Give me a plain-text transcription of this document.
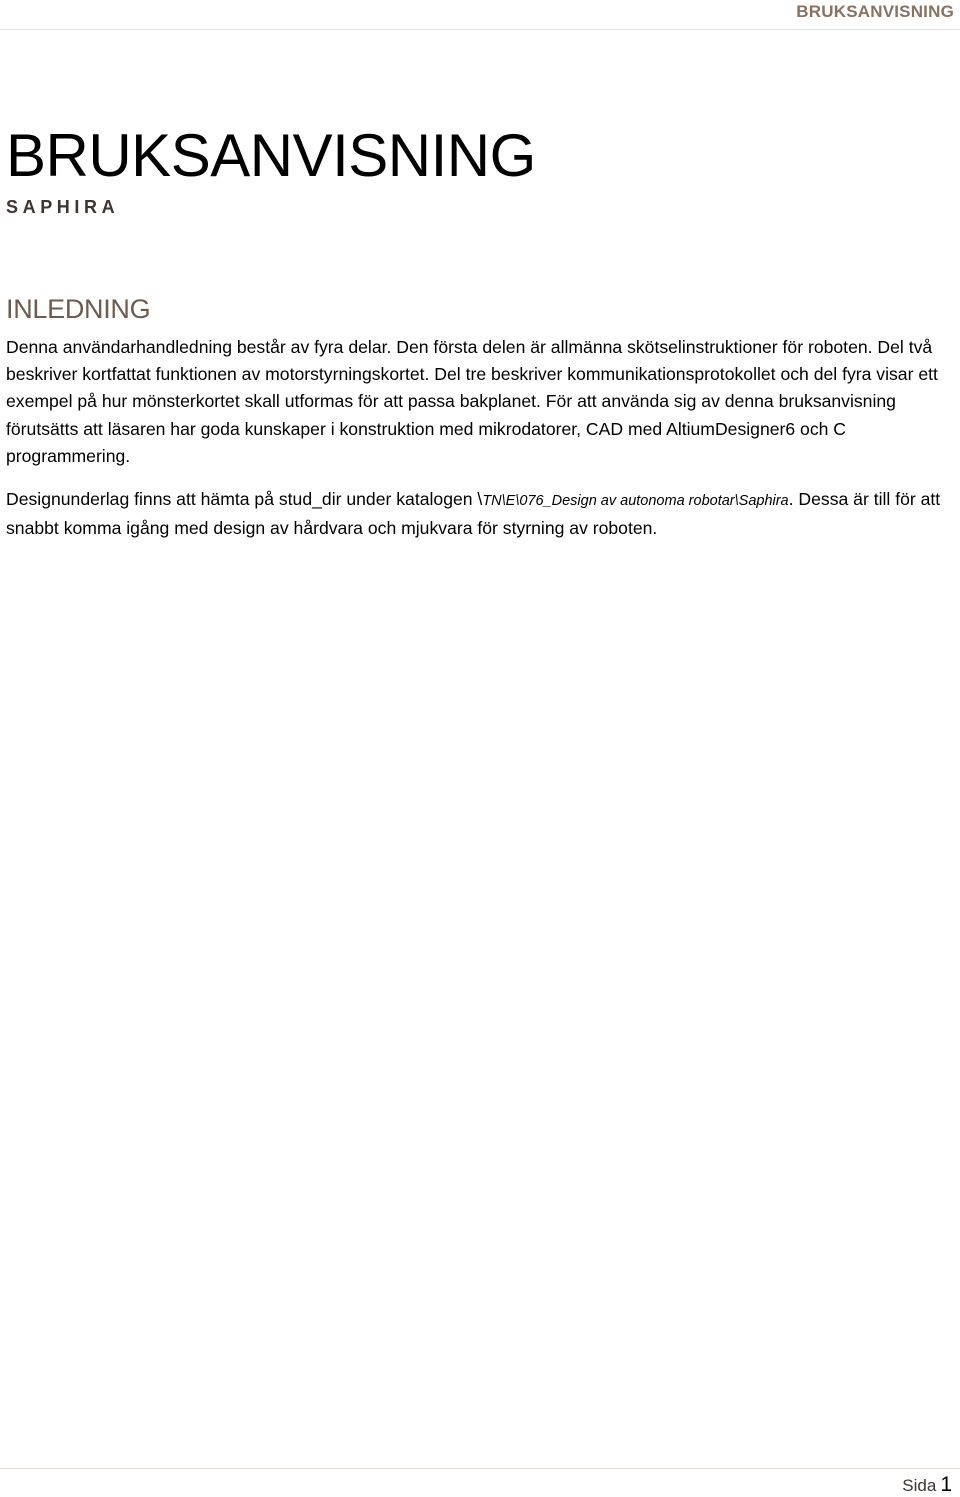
BRUKSANVISNING
BRUKSANVISNING
SAPHIRA
INLEDNING

Denna användarhandledning består av fyra delar. Den första delen är allmänna skötselinstruktioner för roboten. Del två beskriver kortfattat funktionen av motorstyrningskortet. Del tre beskriver kommunikationsprotokollet och del fyra visar ett exempel på hur mönsterkortet skall utformas för att passa bakplanet. För att använda sig av denna bruksanvisning förutsätts att läsaren har goda kunskaper i konstruktion med mikrodatorer, CAD med AltiumDesigner6 och C programmering.

Designunderlag finns att hämta på stud_dir under katalogen \TN\E\076_Design av autonoma robotar\Saphira. Dessa är till för att snabbt komma igång med design av hårdvara och mjukvara för styrning av roboten.

Sida 1
